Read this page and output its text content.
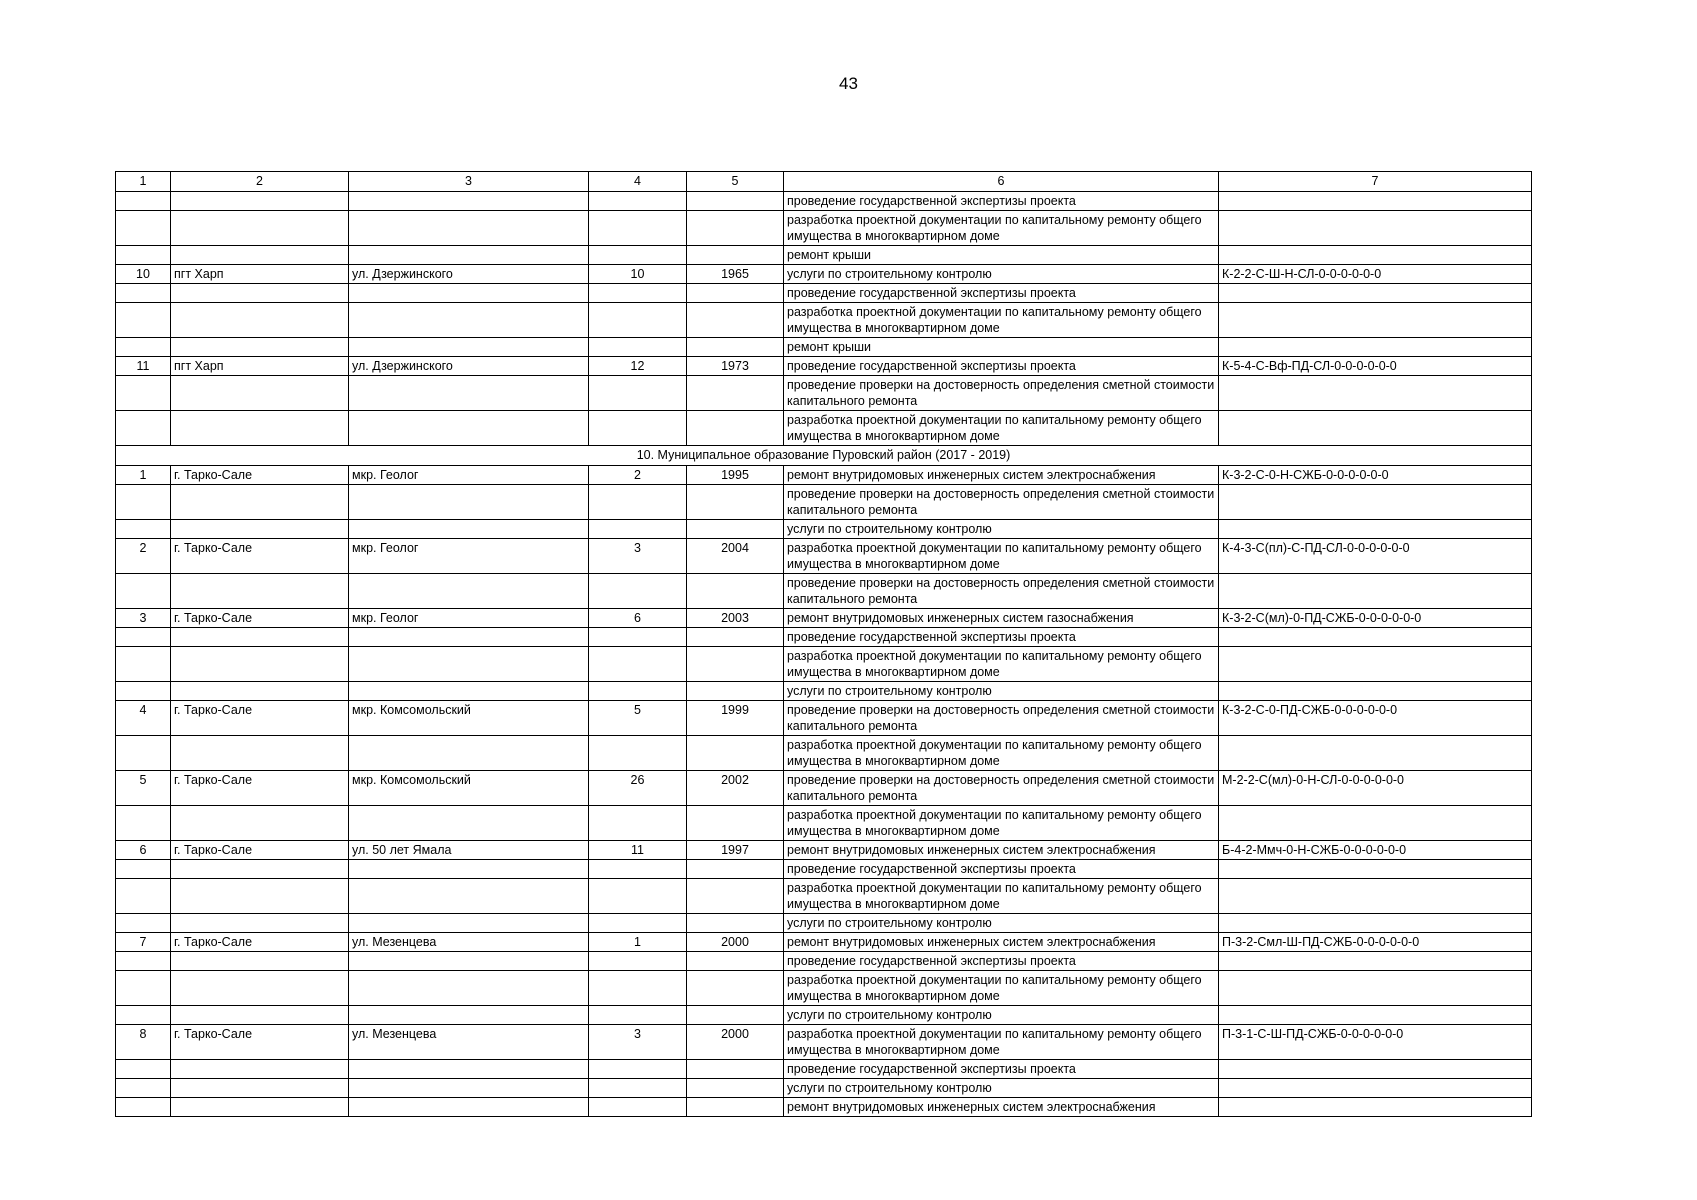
43
1	2	3	4	5	6	7
					проведение государственной экспертизы проекта	
					разработка проектной документации по капитальному ремонту общего имущества в многоквартирном доме	
					ремонт крыши	
10	пгт Харп	ул. Дзержинского	10	1965	услуги по строительному контролю	К-2-2-С-Ш-Н-СЛ-0-0-0-0-0-0
					проведение государственной экспертизы проекта	
					разработка проектной документации по капитальному ремонту общего имущества в многоквартирном доме	
					ремонт крыши	
11	пгт Харп	ул. Дзержинского	12	1973	проведение государственной экспертизы проекта	К-5-4-С-Вф-ПД-СЛ-0-0-0-0-0-0
					проведение проверки на достоверность определения сметной стоимости капитального ремонта	
					разработка проектной документации по капитальному ремонту общего имущества в многоквартирном доме	
10. Муниципальное образование Пуровский район (2017 - 2019)						
1	г. Тарко-Сале	мкр. Геолог	2	1995	ремонт внутридомовых инженерных систем электроснабжения	К-3-2-С-0-Н-СЖБ-0-0-0-0-0-0
					проведение проверки на достоверность определения сметной стоимости капитального ремонта	
					услуги по строительному контролю	
2	г. Тарко-Сале	мкр. Геолог	3	2004	разработка проектной документации по капитальному ремонту общего имущества в многоквартирном доме	К-4-3-С(пл)-С-ПД-СЛ-0-0-0-0-0-0
					проведение проверки на достоверность определения сметной стоимости капитального ремонта	
3	г. Тарко-Сале	мкр. Геолог	6	2003	ремонт внутридомовых инженерных систем газоснабжения	К-3-2-С(мл)-0-ПД-СЖБ-0-0-0-0-0-0
					проведение государственной экспертизы проекта	
					разработка проектной документации по капитальному ремонту общего имущества в многоквартирном доме	
					услуги по строительному контролю	
4	г. Тарко-Сале	мкр. Комсомольский	5	1999	проведение проверки на достоверность определения сметной стоимости капитального ремонта	К-3-2-С-0-ПД-СЖБ-0-0-0-0-0-0
					разработка проектной документации по капитальному ремонту общего имущества в многоквартирном доме	
5	г. Тарко-Сале	мкр. Комсомольский	26	2002	проведение проверки на достоверность определения сметной стоимости капитального ремонта	М-2-2-С(мл)-0-Н-СЛ-0-0-0-0-0-0
					разработка проектной документации по капитальному ремонту общего имущества в многоквартирном доме	
6	г. Тарко-Сале	ул. 50 лет Ямала	11	1997	ремонт внутридомовых инженерных систем электроснабжения	Б-4-2-Ммч-0-Н-СЖБ-0-0-0-0-0-0
					проведение государственной экспертизы проекта	
					разработка проектной документации по капитальному ремонту общего имущества в многоквартирном доме	
					услуги по строительному контролю	
7	г. Тарко-Сале	ул. Мезенцева	1	2000	ремонт внутридомовых инженерных систем электроснабжения	П-3-2-Смл-Ш-ПД-СЖБ-0-0-0-0-0-0
					проведение государственной экспертизы проекта	
					разработка проектной документации по капитальному ремонту общего имущества в многоквартирном доме	
					услуги по строительному контролю	
8	г. Тарко-Сале	ул. Мезенцева	3	2000	разработка проектной документации по капитальному ремонту общего имущества в многоквартирном доме	П-3-1-С-Ш-ПД-СЖБ-0-0-0-0-0-0
					проведение государственной экспертизы проекта	
					услуги по строительному контролю	
					ремонт внутридомовых инженерных систем электроснабжения	
